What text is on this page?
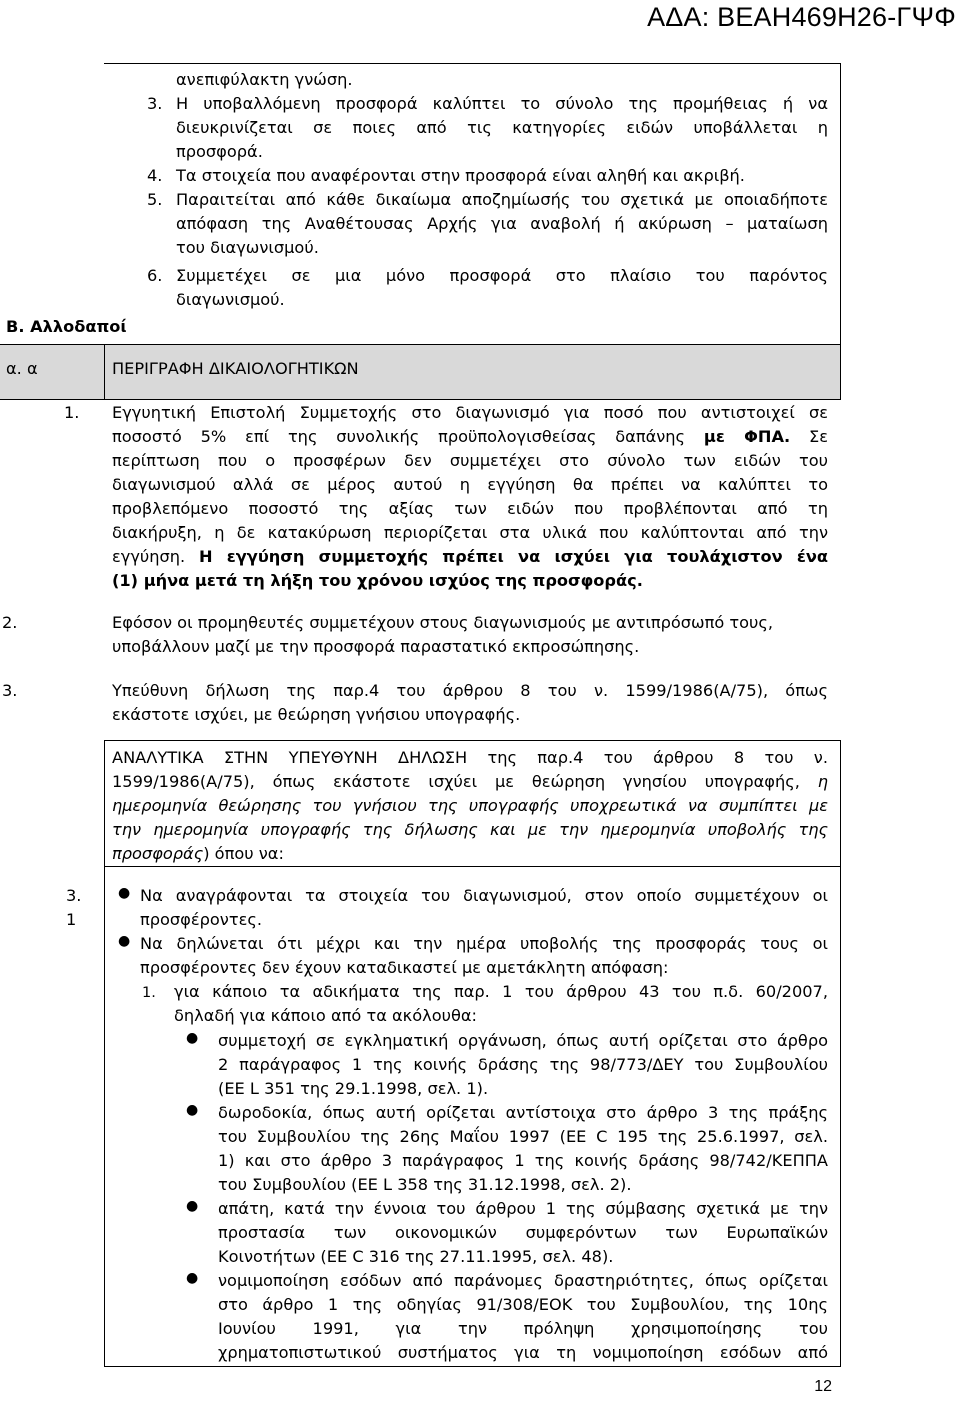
ΑΔΑ: ΒΕΑΗ469Η26-ΓΨΦ
ανεπιφύλακτη γνώση.
3. Η υποβαλλόμενη προσφορά καλύπτει το σύνολο της προμήθειας ή να
διευκρινίζεται σε ποιες από τις κατηγορίες ειδών υποβάλλεται η
προσφορά.
4. Τα στοιχεία που αναφέρονται στην προσφορά είναι αληθή και ακριβή.
5. Παραιτείται από κάθε δικαίωμα αποζημίωσής του σχετικά με οποιαδήποτε
απόφαση της Αναθέτουσας Αρχής για αναβολή ή ακύρωση – ματαίωση
του διαγωνισμού.
6. Συμμετέχει σε μια μόνο προσφορά στο πλαίσιο του παρόντος
διαγωνισμού.
Β. Αλλοδαποί
α. α	ΠΕΡΙΓΡΑΦΗ ΔΙΚΑΙΟΛΟΓΗΤΙΚΩΝ
1. Εγγυητική Επιστολή Συμμετοχής στο διαγωνισμό για ποσό που αντιστοιχεί σε
ποσοστό 5% επί της συνολικής προϋπολογισθείσας δαπάνης με ΦΠΑ. Σε
περίπτωση που ο προσφέρων δεν συμμετέχει στο σύνολο των ειδών του
διαγωνισμού αλλά σε μέρος αυτού η εγγύηση θα πρέπει να καλύπτει το
προβλεπόμενο ποσοστό της αξίας των ειδών που προβλέπονται από τη
διακήρυξη, η δε κατακύρωση περιορίζεται στα υλικά που καλύπτονται από την
εγγύηση. Η εγγύηση συμμετοχής πρέπει να ισχύει για τουλάχιστον ένα
(1) μήνα μετά τη λήξη του χρόνου ισχύος της προσφοράς.
2.	Εφόσον οι προμηθευτές συμμετέχουν στους διαγωνισμούς με αντιπρόσωπό τους,
υποβάλλουν μαζί με την προσφορά παραστατικό εκπροσώπησης.
3.	Υπεύθυνη δήλωση της παρ.4 του άρθρου 8 του ν. 1599/1986(Α/75), όπως
εκάστοτε ισχύει, με θεώρηση γνήσιου υπογραφής.
ΑΝΑΛΥΤΙΚΑ ΣΤΗΝ ΥΠΕΥΘΥΝΗ ΔΗΛΩΣΗ της παρ.4 του άρθρου 8 του ν.
1599/1986(Α/75), όπως εκάστοτε ισχύει με θεώρηση γνησίου υπογραφής, η
ημερομηνία θεώρησης του γνήσιου της υπογραφής υποχρεωτικά να συμπίπτει με
την ημερομηνία υπογραφής της δήλωσης και με την ημερομηνία υποβολής της
προσφοράς) όπου να:
3.
1
● Να αναγράφονται τα στοιχεία του διαγωνισμού, στον οποίο συμμετέχουν οι
προσφέροντες.
● Να δηλώνεται ότι μέχρι και την ημέρα υποβολής της προσφοράς τους οι
προσφέροντες δεν έχουν καταδικαστεί με αμετάκλητη απόφαση:
1. για κάποιο τα αδικήματα της παρ. 1 του άρθρου 43 του π.δ. 60/2007,
δηλαδή για κάποιο από τα ακόλουθα:
● συμμετοχή σε εγκληματική οργάνωση, όπως αυτή ορίζεται στο άρθρο
2 παράγραφος 1 της κοινής δράσης της 98/773/ΔΕΥ του Συμβουλίου
(ΕΕ L 351 της 29.1.1998, σελ. 1).
● δωροδοκία, όπως αυτή ορίζεται αντίστοιχα στο άρθρο 3 της πράξης
του Συμβουλίου της 26ης Μαΐου 1997 (ΕΕ C 195 της 25.6.1997, σελ.
1) και στο άρθρο 3 παράγραφος 1 της κοινής δράσης 98/742/ΚΕΠΠΑ
του Συμβουλίου (ΕΕ L 358 της 31.12.1998, σελ. 2).
● απάτη, κατά την έννοια του άρθρου 1 της σύμβασης σχετικά με την
προστασία των οικονομικών συμφερόντων των Ευρωπαϊκών
Κοινοτήτων (ΕΕ C 316 της 27.11.1995, σελ. 48).
● νομιμοποίηση εσόδων από παράνομες δραστηριότητες, όπως ορίζεται
στο άρθρο 1 της οδηγίας 91/308/ΕΟΚ του Συμβουλίου, της 10ης
Ιουνίου 1991, για την πρόληψη χρησιμοποίησης του
χρηματοπιστωτικού συστήματος για τη νομιμοποίηση εσόδων από
12
